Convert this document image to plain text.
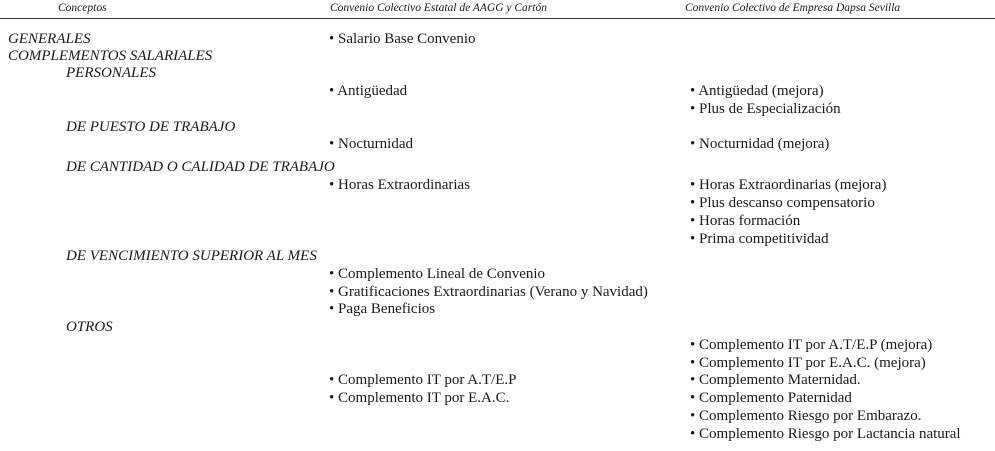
Conceptos	Convenio Colectivo Estatal de AAGG y Cartón	Convenio Colectivo de Empresa Dapsa Sevilla
GENERALES
COMPLEMENTOS SALARIALES
PERSONALES
DE PUESTO DE TRABAJO
DE CANTIDAD O CALIDAD DE TRABAJO
DE VENCIMIENTO SUPERIOR AL MES
OTROS
• Salario Base Convenio
• Antigüedad
• Nocturnidad
• Horas Extraordinarias
• Complemento Lineal de Convenio
• Gratificaciones Extraordinarias (Verano y Navidad)
• Paga Beneficios
• Complemento IT por A.T/E.P
• Complemento IT por E.A.C.
• Antigüedad (mejora)
• Plus de Especialización
• Nocturnidad (mejora)
• Horas Extraordinarias (mejora)
• Plus descanso compensatorio
• Horas formación
• Prima competitividad
• Complemento IT por A.T/E.P (mejora)
• Complemento IT por E.A.C. (mejora)
• Complemento Maternidad.
• Complemento Paternidad
• Complemento Riesgo por Embarazo.
• Complemento Riesgo por Lactancia natural
